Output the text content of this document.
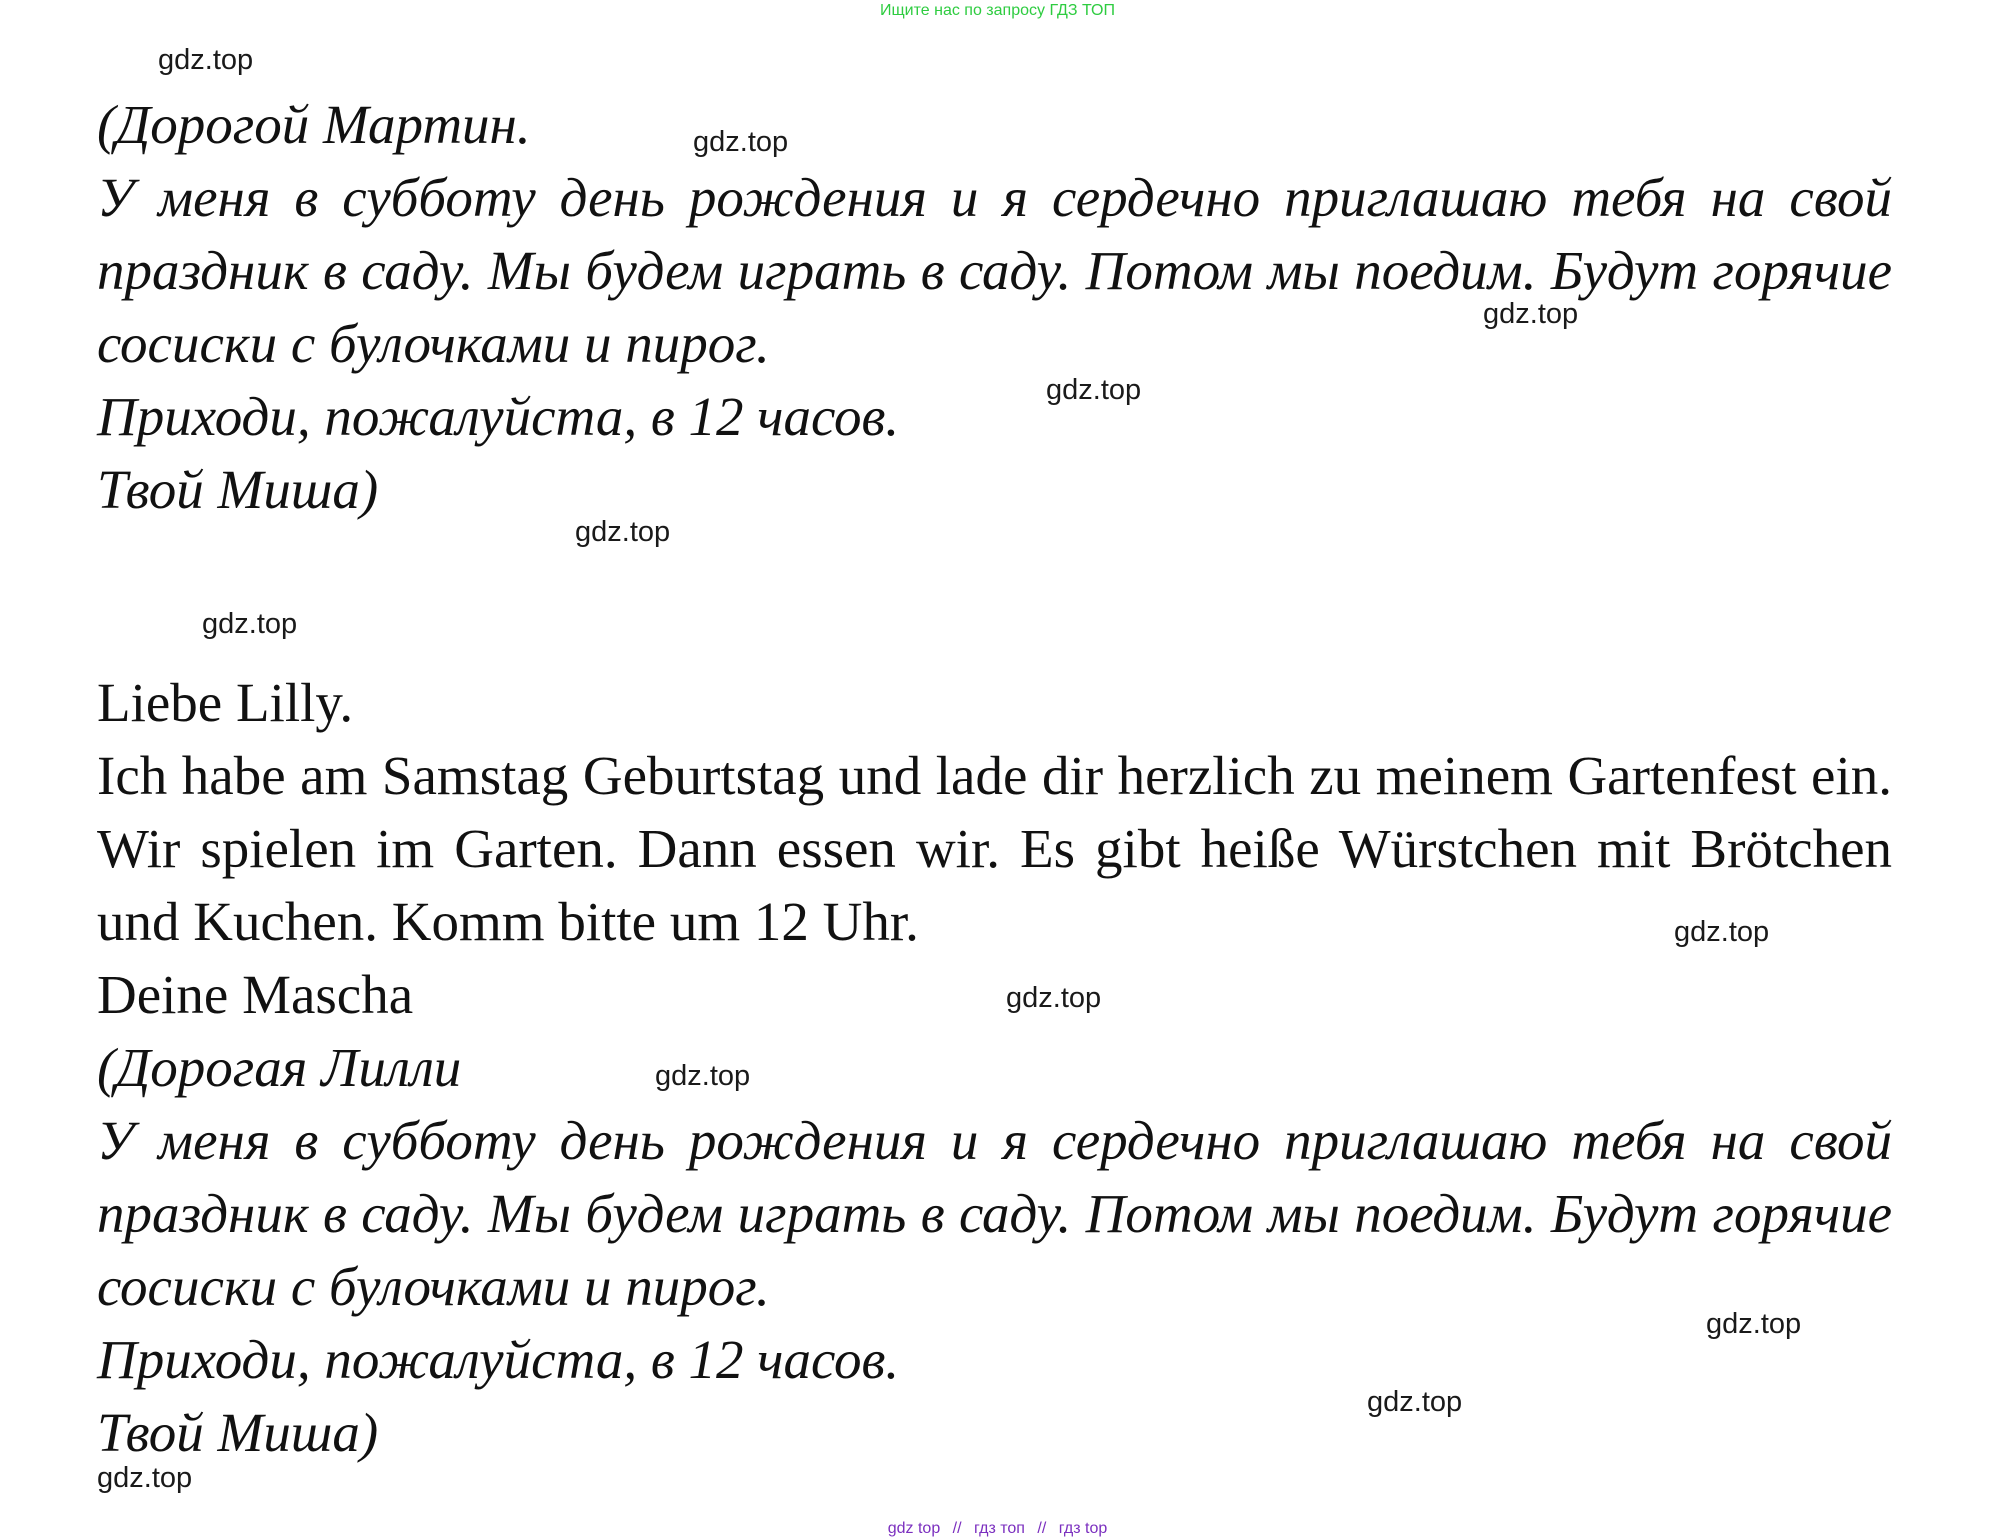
Ищите нас по запросу ГДЗ ТОП
gdz.top
gdz.top
gdz.top
gdz.top
gdz.top
gdz.top
gdz.top
gdz.top
gdz.top
gdz.top
gdz.top
gdz.top

(Дорогой Мартин.

У меня в субботу день рождения и я сердечно приглашаю тебя на свой праздник в саду. Мы будем играть в саду. Потом мы поедим. Будут горячие сосиски с булочками и пирог.

Приходи, пожалуйста, в 12 часов.

Твой Миша)

Liebe Lilly.

Ich habe am Samstag Geburtstag und lade dir herzlich zu meinem Gartenfest ein. Wir spielen im Garten. Dann essen wir. Es gibt heiße Würstchen mit Brötchen und Kuchen. Komm bitte um 12 Uhr.

Deine Mascha

(Дорогая Лилли

У меня в субботу день рождения и я сердечно приглашаю тебя на свой праздник в саду. Мы будем играть в саду. Потом мы поедим. Будут горячие сосиски с булочками и пирог.

Приходи, пожалуйста, в 12 часов.

Твой Миша)

gdz top // гдз топ // гдз top
